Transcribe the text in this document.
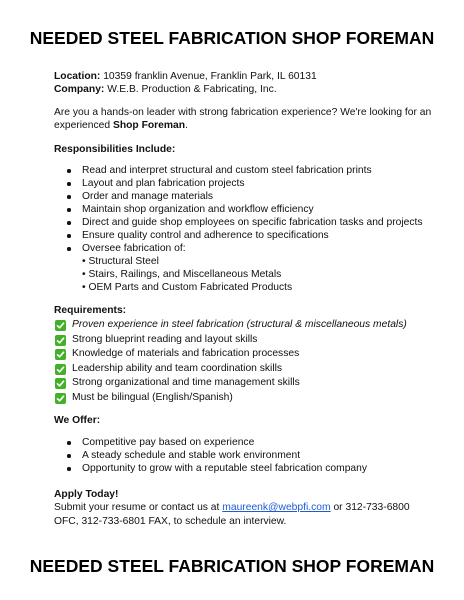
NEEDED STEEL FABRICATION SHOP FOREMAN
Location: 10359 franklin Avenue, Franklin Park, IL 60131
Company: W.E.B. Production & Fabricating, Inc.
Are you a hands-on leader with strong fabrication experience? We're looking for an
experienced Shop Foreman.
Responsibilities Include:
Read and interpret structural and custom steel fabrication prints
Layout and plan fabrication projects
Order and manage materials
Maintain shop organization and workflow efficiency
Direct and guide shop employees on specific fabrication tasks and projects
Ensure quality control and adherence to specifications
Oversee fabrication of:
• Structural Steel
• Stairs, Railings, and Miscellaneous Metals
• OEM Parts and Custom Fabricated Products
Requirements:
Proven experience in steel fabrication (structural & miscellaneous metals)
Strong blueprint reading and layout skills
Knowledge of materials and fabrication processes
Leadership ability and team coordination skills
Strong organizational and time management skills
Must be bilingual (English/Spanish)
We Offer:
Competitive pay based on experience
A steady schedule and stable work environment
Opportunity to grow with a reputable steel fabrication company
Apply Today!
Submit your resume or contact us at maureenk@webpfi.com or 312-733-6800
OFC, 312-733-6801 FAX, to schedule an interview.
NEEDED STEEL FABRICATION SHOP FOREMAN
